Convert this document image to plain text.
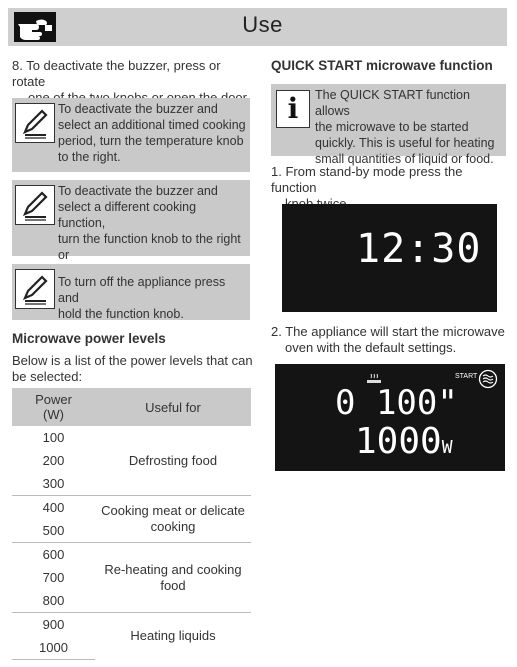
Use
8. To deactivate the buzzer, press or rotate
To deactivate the buzzer and
select an additional timed cooking
period, turn the temperature knob
to the right.
To deactivate the buzzer and
select a different cooking function,
turn the function knob to the right or
To turn off the appliance press and
hold the function knob.
Microwave power levels
Below is a list of the power levels that can
be selected:
Power
(W)	Useful for
100	Defrosting food

200	
300	
400	Cooking meat or delicate
cooking

500	
600	Re-heating and cooking
food

700	
800	
900	Heating liquids

1000	
QUICK START microwave function
i	The QUICK START function allows
the microwave to be started
quickly. This is useful for heating
small quantities of liquid or food.
1. From stand-by mode press the function
12:30
2. The appliance will start the microwave
oven with the default settings.
START
0 100"
1000W
